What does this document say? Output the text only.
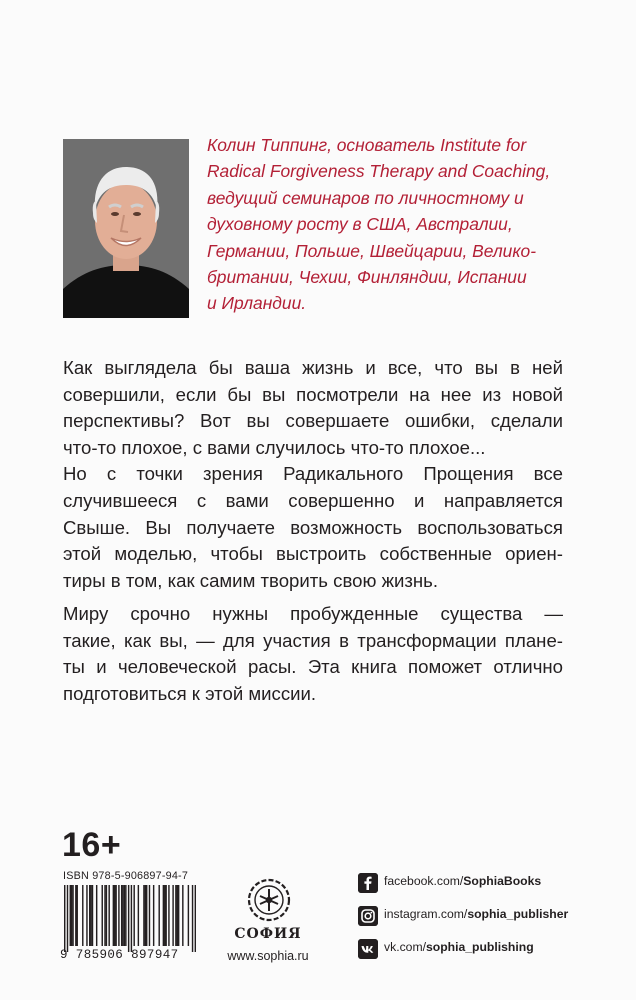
Колин Типпинг, основатель Institute for
Radical Forgiveness Therapy and Coaching,
ведущий семинаров по личностному и
духовному росту в США, Австралии,
Германии, Польше, Швейцарии, Велико-
британии, Чехии, Финляндии, Испании
и Ирландии.

Как выглядела бы ваша жизнь и все, что вы в ней
совершили, если бы вы посмотрели на нее из новой
перспективы? Вот вы совершаете ошибки, сделали
что-то плохое, с вами случилось что-то плохое...
Но с точки зрения Радикального Прощения все
случившееся с вами совершенно и направляется
Свыше. Вы получаете возможность воспользоваться
этой моделью, чтобы выстроить собственные ориен-
тиры в том, как самим творить свою жизнь.

Миру срочно нужны пробужденные существа —
такие, как вы, — для участия в трансформации плане-
ты и человеческой расы. Эта книга поможет отлично
подготовиться к этой миссии.

16+
ISBN 978-5-906897-94-7
9 785906 897947
СОФИЯ
www.sophia.ru
facebook.com/SophiaBooks
instagram.com/sophia_publisher
vk.com/sophia_publishing
